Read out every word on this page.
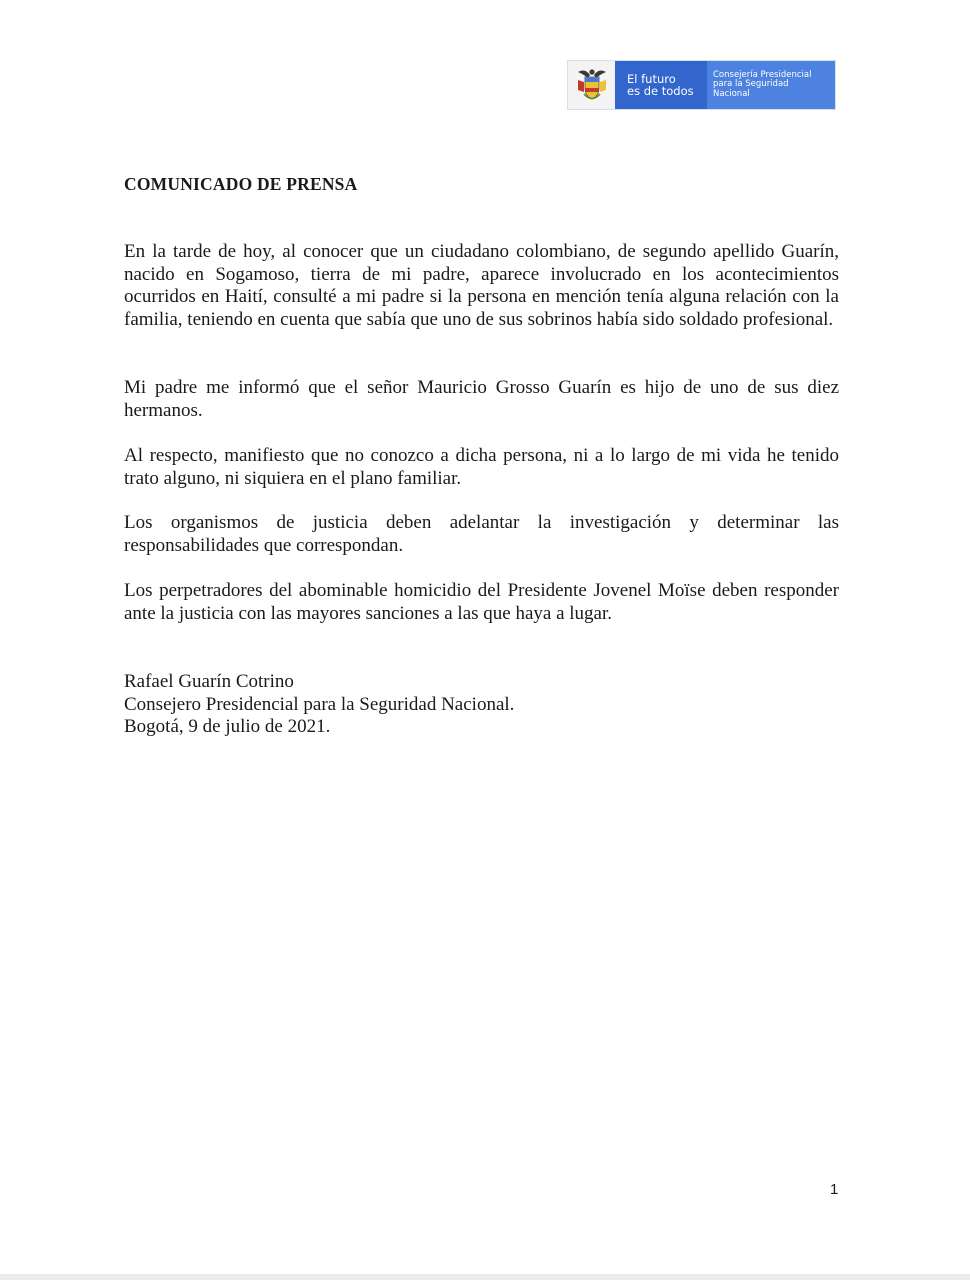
El futuro
es de todos
Consejería Presidencial
para la Seguridad
Nacional
COMUNICADO DE PRENSA

En la tarde de hoy, al conocer que un ciudadano colombiano, de segundo apellido Guarín, nacido en Sogamoso, tierra de mi padre, aparece involucrado en los acontecimientos ocurridos en Haití, consulté a mi padre si la persona en mención tenía alguna relación con la familia, teniendo en cuenta que sabía que uno de sus sobrinos había sido soldado profesional.

Mi padre me informó que el señor Mauricio Grosso Guarín es hijo de uno de sus diez hermanos.

Al respecto, manifiesto que no conozco a dicha persona, ni a lo largo de mi vida he tenido trato alguno, ni siquiera en el plano familiar.

Los organismos de justicia deben adelantar la investigación y determinar las responsabilidades que correspondan.

Los perpetradores del abominable homicidio del Presidente Jovenel Moïse deben responder ante la justicia con las mayores sanciones a las que haya a lugar.

Rafael Guarín Cotrino
Consejero Presidencial para la Seguridad Nacional.
Bogotá, 9 de julio de 2021.
1
